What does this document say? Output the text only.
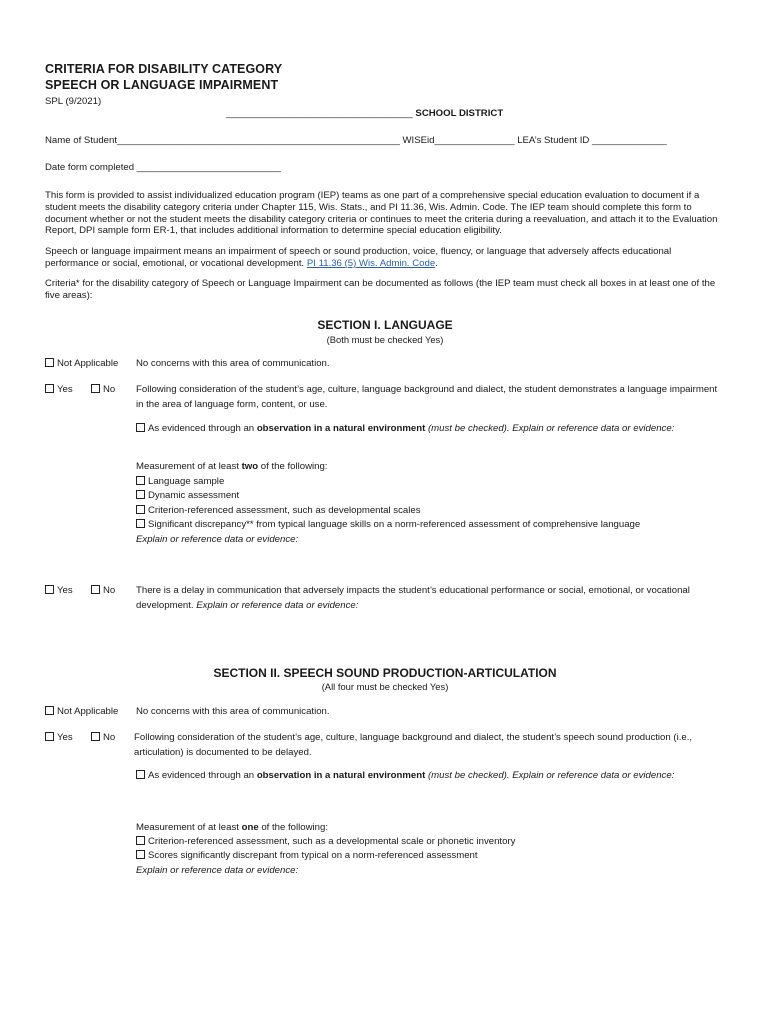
CRITERIA FOR DISABILITY CATEGORY
SPEECH OR LANGUAGE IMPAIRMENT
SPL (9/2021)
___________________________________ SCHOOL DISTRICT
Name of Student_____________________________________________________ WISEid_______________ LEA’s Student ID ______________
Date form completed ___________________________
This form is provided to assist individualized education program (IEP) teams as one part of a comprehensive special education evaluation to document if a student meets the disability category criteria under Chapter 115, Wis. Stats., and PI 11.36, Wis. Admin. Code. The IEP team should complete this form to document whether or not the student meets the disability category criteria or continues to meet the criteria during a reevaluation, and attach it to the Evaluation Report, DPI sample form ER-1, that includes additional information to determine special education eligibility.
Speech or language impairment means an impairment of speech or sound production, voice, fluency, or language that adversely affects educational performance or social, emotional, or vocational development. PI 11.36 (5) Wis. Admin. Code.
Criteria* for the disability category of Speech or Language Impairment can be documented as follows (the IEP team must check all boxes in at least one of the five areas):
SECTION I. LANGUAGE
(Both must be checked Yes)
Not Applicable No concerns with this area of communication.
Yes	No Following consideration of the student’s age, culture, language background and dialect, the student demonstrates a language impairment in the area of language form, content, or use.
As evidenced through an observation in a natural environment (must be checked). Explain or reference data or evidence:
Measurement of at least two of the following:
Language sample
Dynamic assessment
Criterion-referenced assessment, such as developmental scales
Significant discrepancy** from typical language skills on a norm-referenced assessment of comprehensive language
Explain or reference data or evidence:
Yes	No There is a delay in communication that adversely impacts the student’s educational performance or social, emotional, or vocational development. Explain or reference data or evidence:
SECTION II. SPEECH SOUND PRODUCTION-ARTICULATION
(All four must be checked Yes)
Not Applicable No concerns with this area of communication.
Yes	No Following consideration of the student’s age, culture, language background and dialect, the student’s speech sound production (i.e., articulation) is documented to be delayed.
As evidenced through an observation in a natural environment (must be checked). Explain or reference data or evidence:
Measurement of at least one of the following:
Criterion-referenced assessment, such as a developmental scale or phonetic inventory
Scores significantly discrepant from typical on a norm-referenced assessment
Explain or reference data or evidence:
